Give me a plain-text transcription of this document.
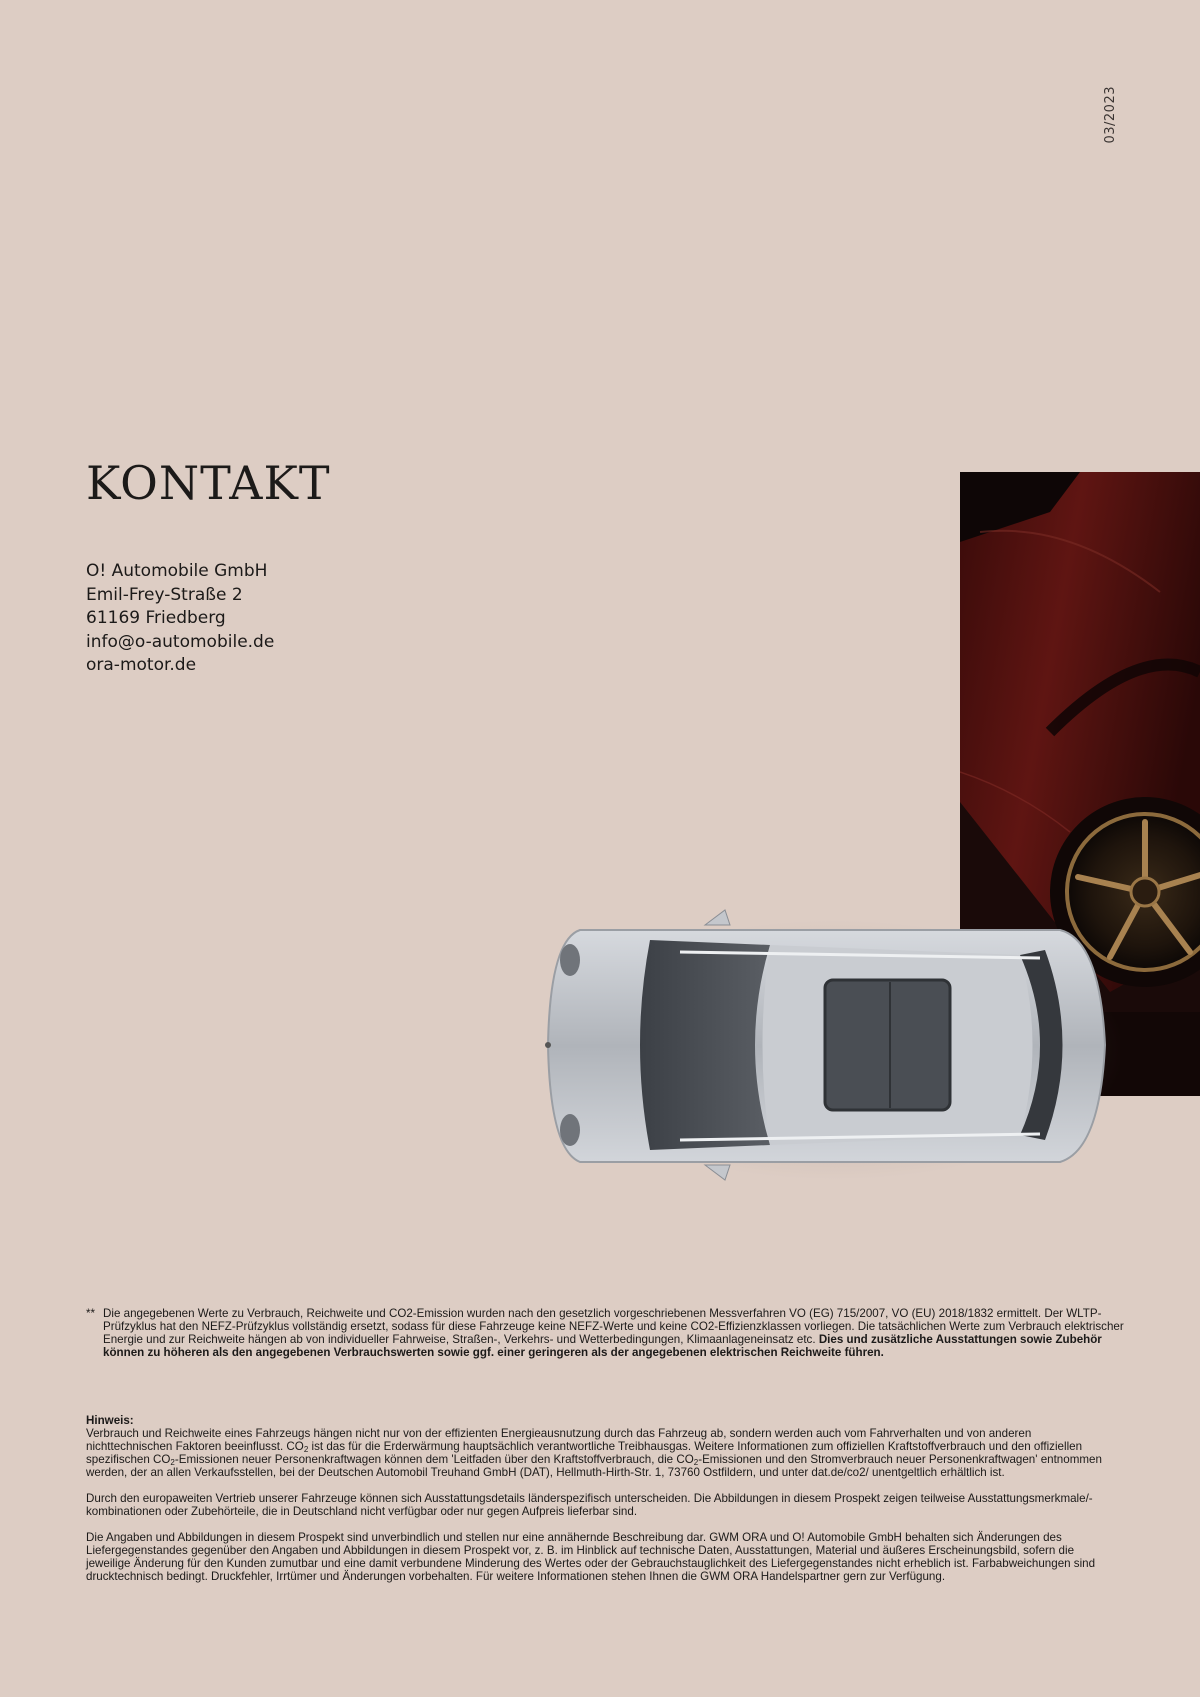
03/2023
KONTAKT
O! Automobile GmbH
Emil-Frey-Straße 2
61169 Friedberg
info@o-automobile.de
ora-motor.de
** Die angegebenen Werte zu Verbrauch, Reichweite und CO2-Emission wurden nach den gesetzlich vorgeschriebenen Messverfahren VO (EG) 715/2007, VO (EU) 2018/1832 ermittelt. Der WLTP-Prüfzyklus hat den NEFZ-Prüfzyklus vollständig ersetzt, sodass für diese Fahrzeuge keine NEFZ-Werte und keine CO2-Effizienzklassen vorliegen. Die tatsächlichen Werte zum Verbrauch elektrischer Energie und zur Reichweite hängen ab von individueller Fahrweise, Straßen-, Verkehrs- und Wetterbedingungen, Klimaanlageneinsatz etc. Dies und zusätzliche Ausstattungen sowie Zubehör können zu höheren als den angegebenen Verbrauchswerten sowie ggf. einer geringeren als der angegebenen elektrischen Reichweite führen.

Hinweis:

Verbrauch und Reichweite eines Fahrzeugs hängen nicht nur von der effizienten Energieausnutzung durch das Fahrzeug ab, sondern werden auch vom Fahrverhalten und von anderen nichttechnischen Faktoren beeinflusst. $CO_2$ ist das für die Erderwärmung hauptsächlich verantwortliche Treibhausgas. Weitere Informationen zum offiziellen Kraftstoffverbrauch und den offiziellen spezifischen $CO_2$-Emissionen neuer Personenkraftwagen können dem 'Leitfaden über den Kraftstoffverbrauch, die $CO_2$-Emissionen und den Stromverbrauch neuer Personenkraftwagen' entnommen werden, der an allen Verkaufsstellen, bei der Deutschen Automobil Treuhand GmbH (DAT), Hellmuth-Hirth-Str. 1, 73760 Ostfildern, und unter dat.de/co2/ unentgeltlich erhältlich ist.

Durch den europaweiten Vertrieb unserer Fahrzeuge können sich Ausstattungsdetails länderspezifisch unterscheiden. Die Abbildungen in diesem Prospekt zeigen teilweise Ausstattungsmerkmale/-kombinationen oder Zubehörteile, die in Deutschland nicht verfügbar oder nur gegen Aufpreis lieferbar sind.

Die Angaben und Abbildungen in diesem Prospekt sind unverbindlich und stellen nur eine annähernde Beschreibung dar. GWM ORA und O! Automobile GmbH behalten sich Änderungen des Liefergegenstandes gegenüber den Angaben und Abbildungen in diesem Prospekt vor, z. B. im Hinblick auf technische Daten, Ausstattungen, Material und äußeres Erscheinungsbild, sofern die jeweilige Änderung für den Kunden zumutbar und eine damit verbundene Minderung des Wertes oder der Gebrauchstauglichkeit des Liefergegenstandes nicht erheblich ist. Farbabweichungen sind drucktechnisch bedingt. Druckfehler, Irrtümer und Änderungen vorbehalten. Für weitere Informationen stehen Ihnen die GWM ORA Handelspartner gern zur Verfügung.
